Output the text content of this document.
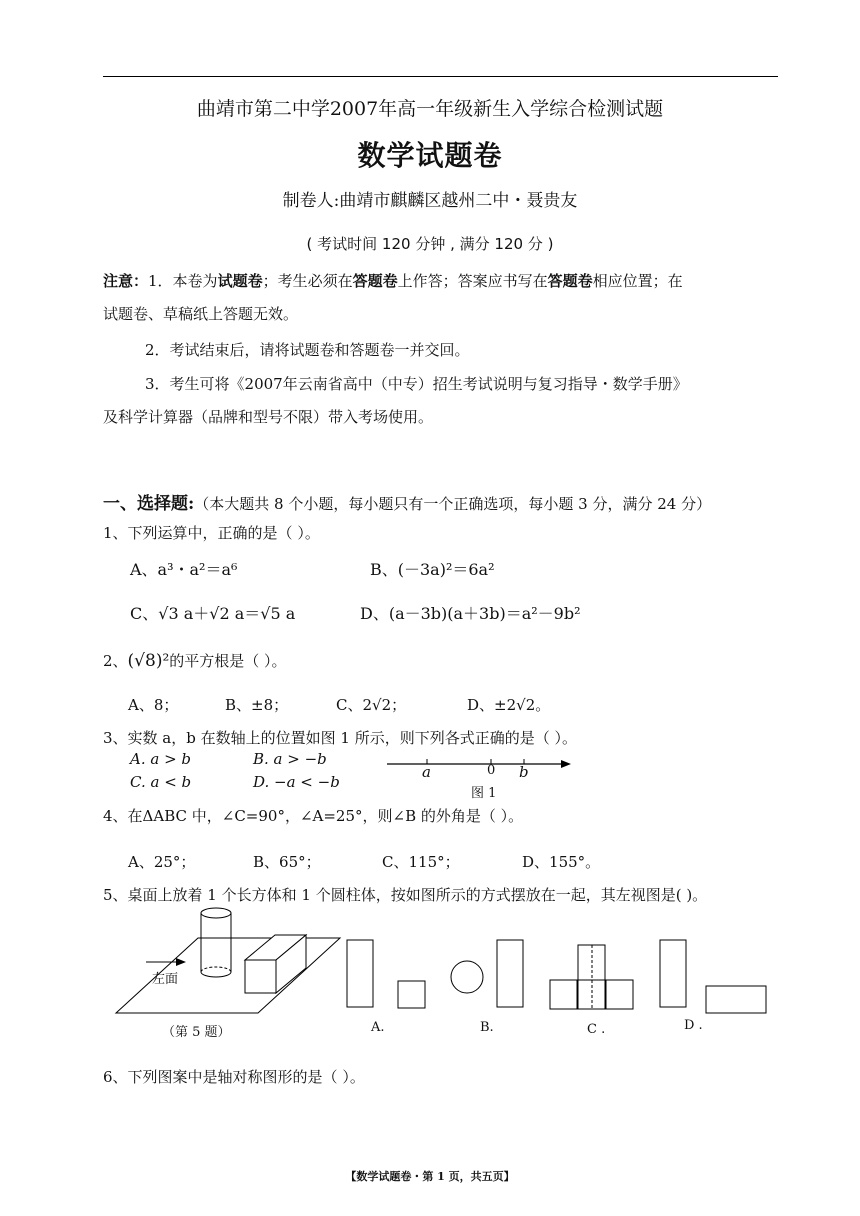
曲靖市第二中学2007年高一年级新生入学综合检测试题
数学试题卷
制卷人:曲靖市麒麟区越州二中・聂贵友
( 考试时间 120 分钟 , 满分 120 分 )
注意：1．本卷为试题卷；考生必须在答题卷上作答；答案应书写在答题卷相应位置；在
试题卷、草稿纸上答题无效。
2．考试结束后，请将试题卷和答题卷一并交回。
3．考生可将《2007年云南省高中（中专）招生考试说明与复习指导・数学手册》
及科学计算器（品牌和型号不限）带入考场使用。
一、选择题:（本大题共 8 个小题，每小题只有一个正确选项，每小题 3 分，满分 24 分）
1、下列运算中，正确的是（ ）。
A、a³・a²＝a⁶	B、(－3a)²＝6a²
C、√3 a＋√2 a＝√5 a	D、(a－3b)(a＋3b)＝a²－9b²
2、(√8)²的平方根是（ ）。
A、8；	B、±8；	C、2√2；	D、±2√2。
3、实数 a，b 在数轴上的位置如图 1 所示，则下列各式正确的是（ ）。
A. a > b	B. a > −b
C. a < b	D. −a < −b
a	0 b
图 1
4、在ΔABC 中，∠C=90°，∠A=25°，则∠B 的外角是（ ）。
A、25°；	B、65°；	C、115°；	D、155°。
5、桌面上放着 1 个长方体和 1 个圆柱体，按如图所示的方式摆放在一起，其左视图是( )。
左面
（第 5 题）	A.	B.	C .	D .
6、下列图案中是轴对称图形的是（ ）。
【数学试题卷・第 1 页，共五页】
